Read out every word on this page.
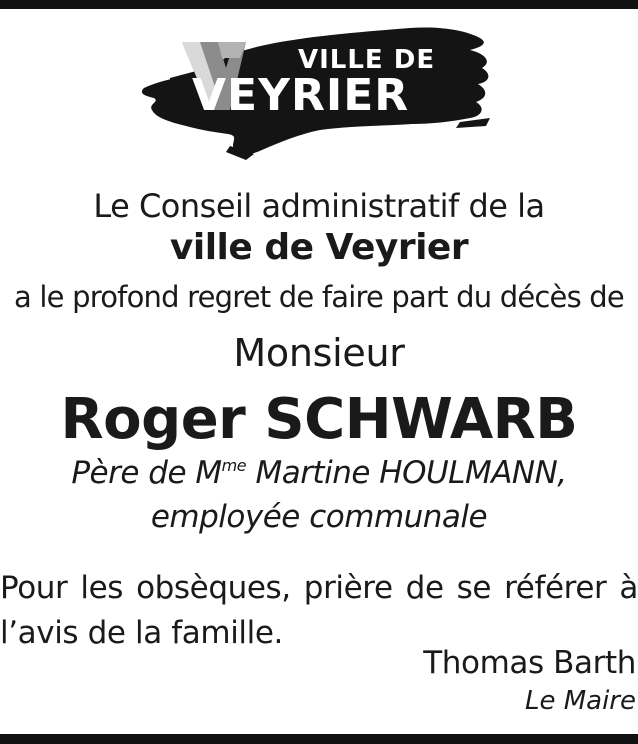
VILLE DE
VEYRIER
Le Conseil administratif de la
ville de Veyrier
a le profond regret de faire part du décès de
Monsieur
Roger SCHWARB
Père de $M^{me}$ Martine HOULMANN,
employée communale
Pour les obsèques, prière de se référer à l’avis de la famille.
Thomas Barth
Le Maire
